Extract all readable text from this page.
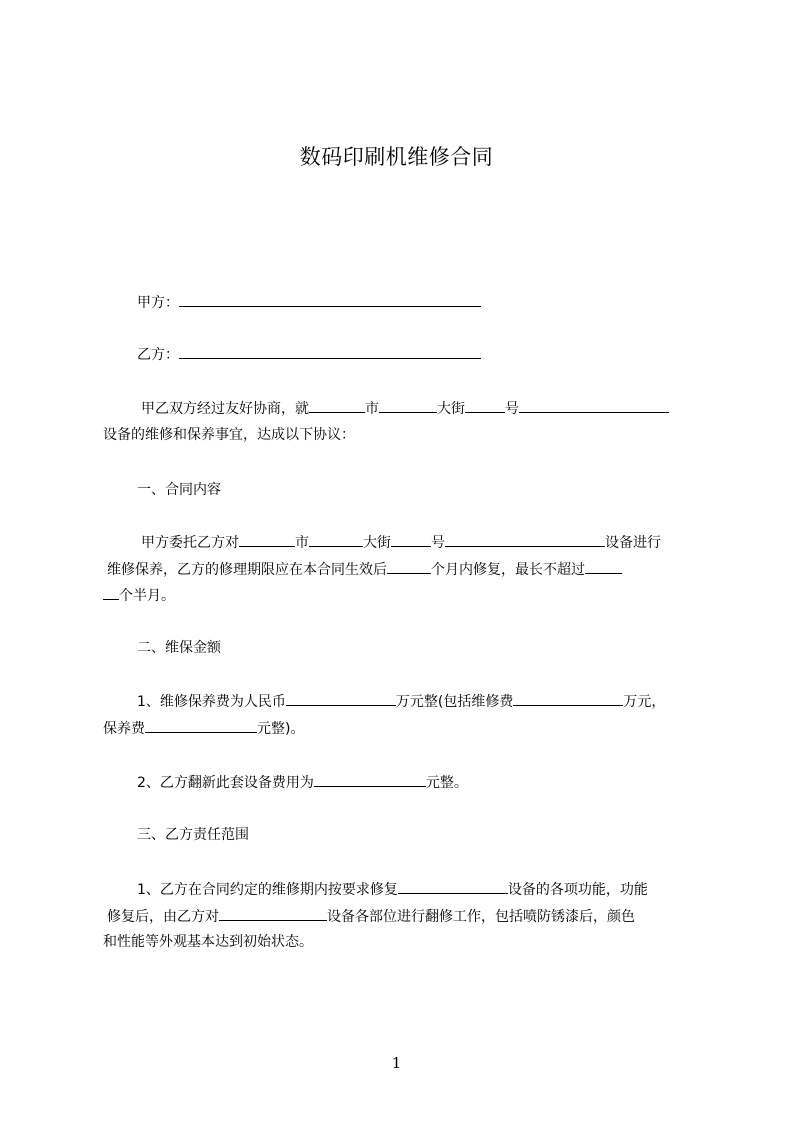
数码印刷机维修合同
甲方：
乙方：
甲乙双方经过友好协商，就	市	大街	号
设备的维修和保养事宜，达成以下协议：
一、合同内容
甲方委托乙方对	市	大街	号	设备进行
维修保养，乙方的修理期限应在本合同生效后	个月内修复，最长不超过
个半月。
二、维保金额
1、维修保养费为人民币	万元整(包括维修费	万元，
保养费	元整)。
2、乙方翻新此套设备费用为	元整。
三、乙方责任范围
1、乙方在合同约定的维修期内按要求修复	设备的各项功能，功能
修复后，由乙方对	设备各部位进行翻修工作，包括喷防锈漆后，颜色
和性能等外观基本达到初始状态。
1
